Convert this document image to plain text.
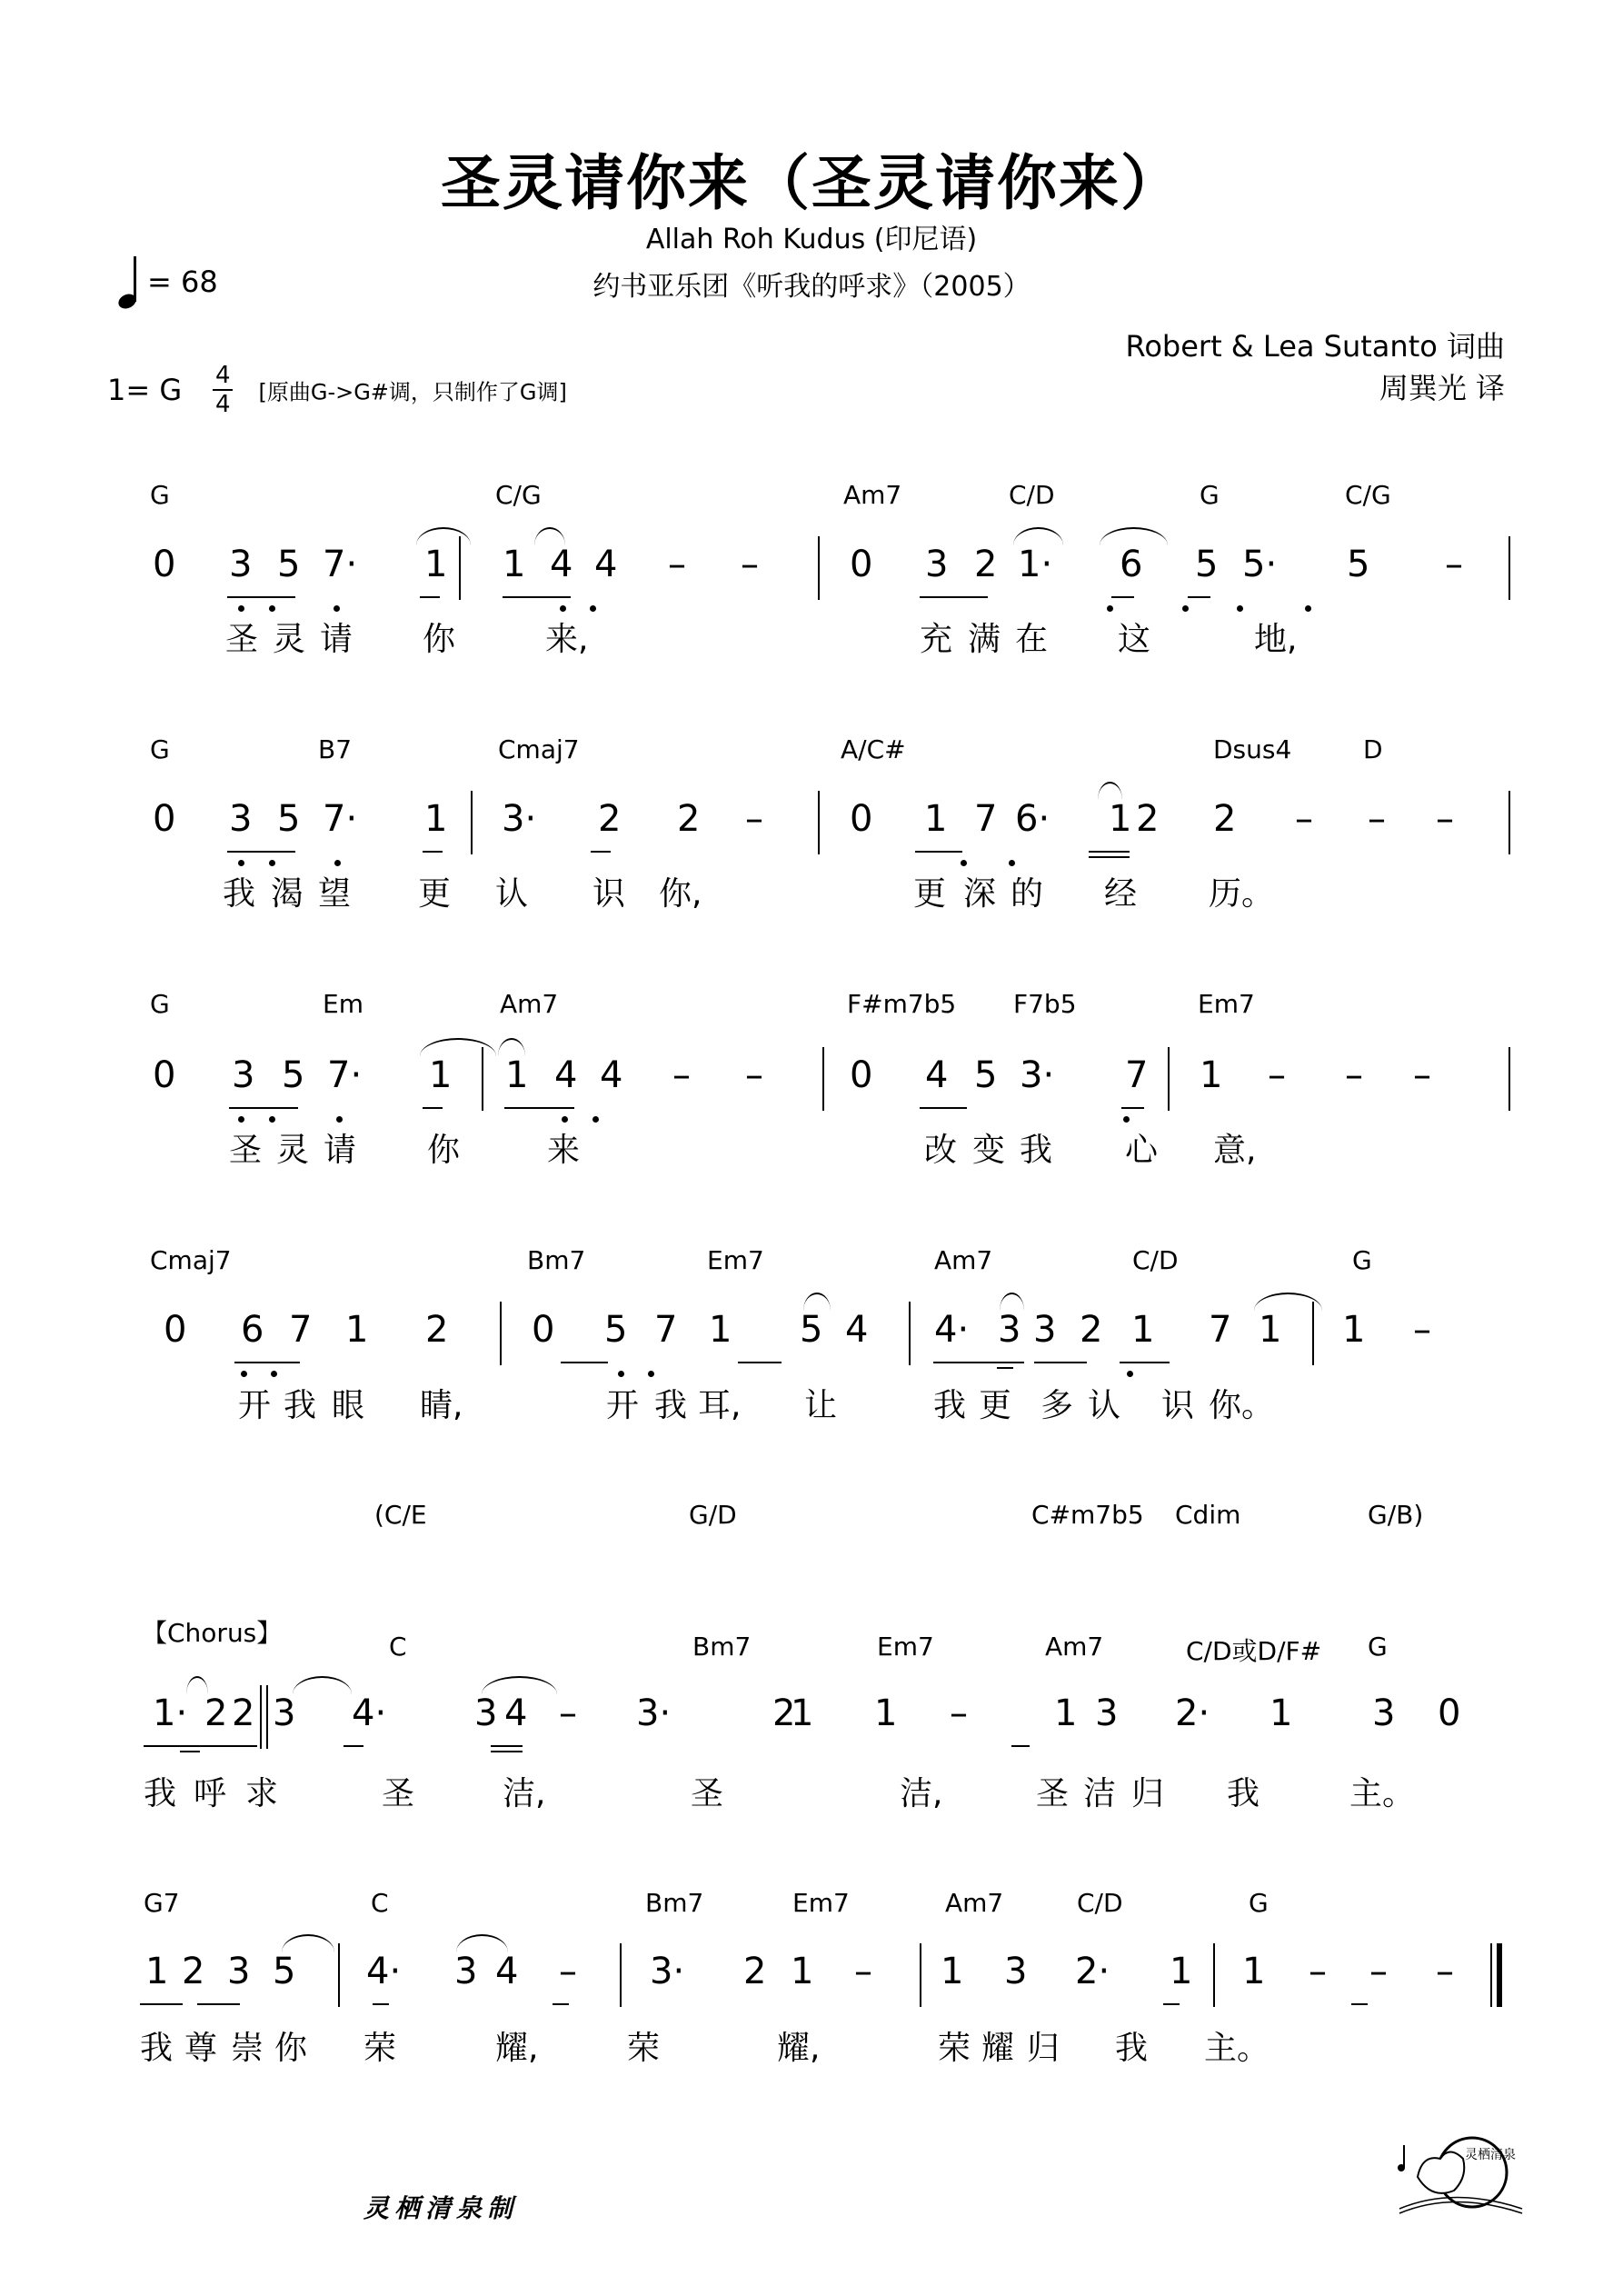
圣灵请你来（圣灵请你来）
Allah Roh Kudus (印尼语)
约书亚乐团《听我的呼求》（2005）
= 68
1= G $\frac{4}{4}$ [原曲G->G#调，只制作了G调]
Robert & Lea Sutanto 词曲
周巽光 译
G	C/G	Am7	C/D	G	C/G
0 3 5 7· 1 1 4 4 – –	0 3 2 1· 6 5 5· 5 –
圣 灵 请 你	来,	充 满 在 这	地,
G	B7	Cmaj7	A/C#	Dsus4	D
0 3 5 7· 1 3· 2 2 – 0 1 7 6· 1 2 2 – – –
我 渴 望 更 认 识 你,	更 深 的 经 历。
G	Em	Am7	F#m7b5 F7b5	Em7
0 3 5 7· 1 1 4 4 – – 0 4 5 3· 7 1 – – –
圣 灵 请 你	来	改 变 我 心 意,
Cmaj7	Bm7	Em7	Am7	C/D	G
0 6 7 1 2 0 5 7 1 5 4 4· 3 3 2 1 7 1 1 –
开 我 眼 睛,	开 我 耳, 让	我 更 多 认 识 你。
C	Bm7	Em7	Am7	C/D或D/F# G
1· 2 2 3 4· 3 4 – 3·	2
1 1 – 1 3 2· 1 3 0
我 呼 求	圣	洁,	圣	洁,	圣 洁 归 我	主。
G7	C	Bm7	Em7	Am7	C/D	G
1 2 3 5 4· 3 4 – 3· 2 1 – 1 3 2· 1 1 – – –
我 尊 崇 你 荣	耀,	荣	耀,	荣 耀 归 我 主。
(C/E	G/D	C#m7b5 Cdim	G/B)
【Chorus】
灵栖清泉制
灵栖清泉
